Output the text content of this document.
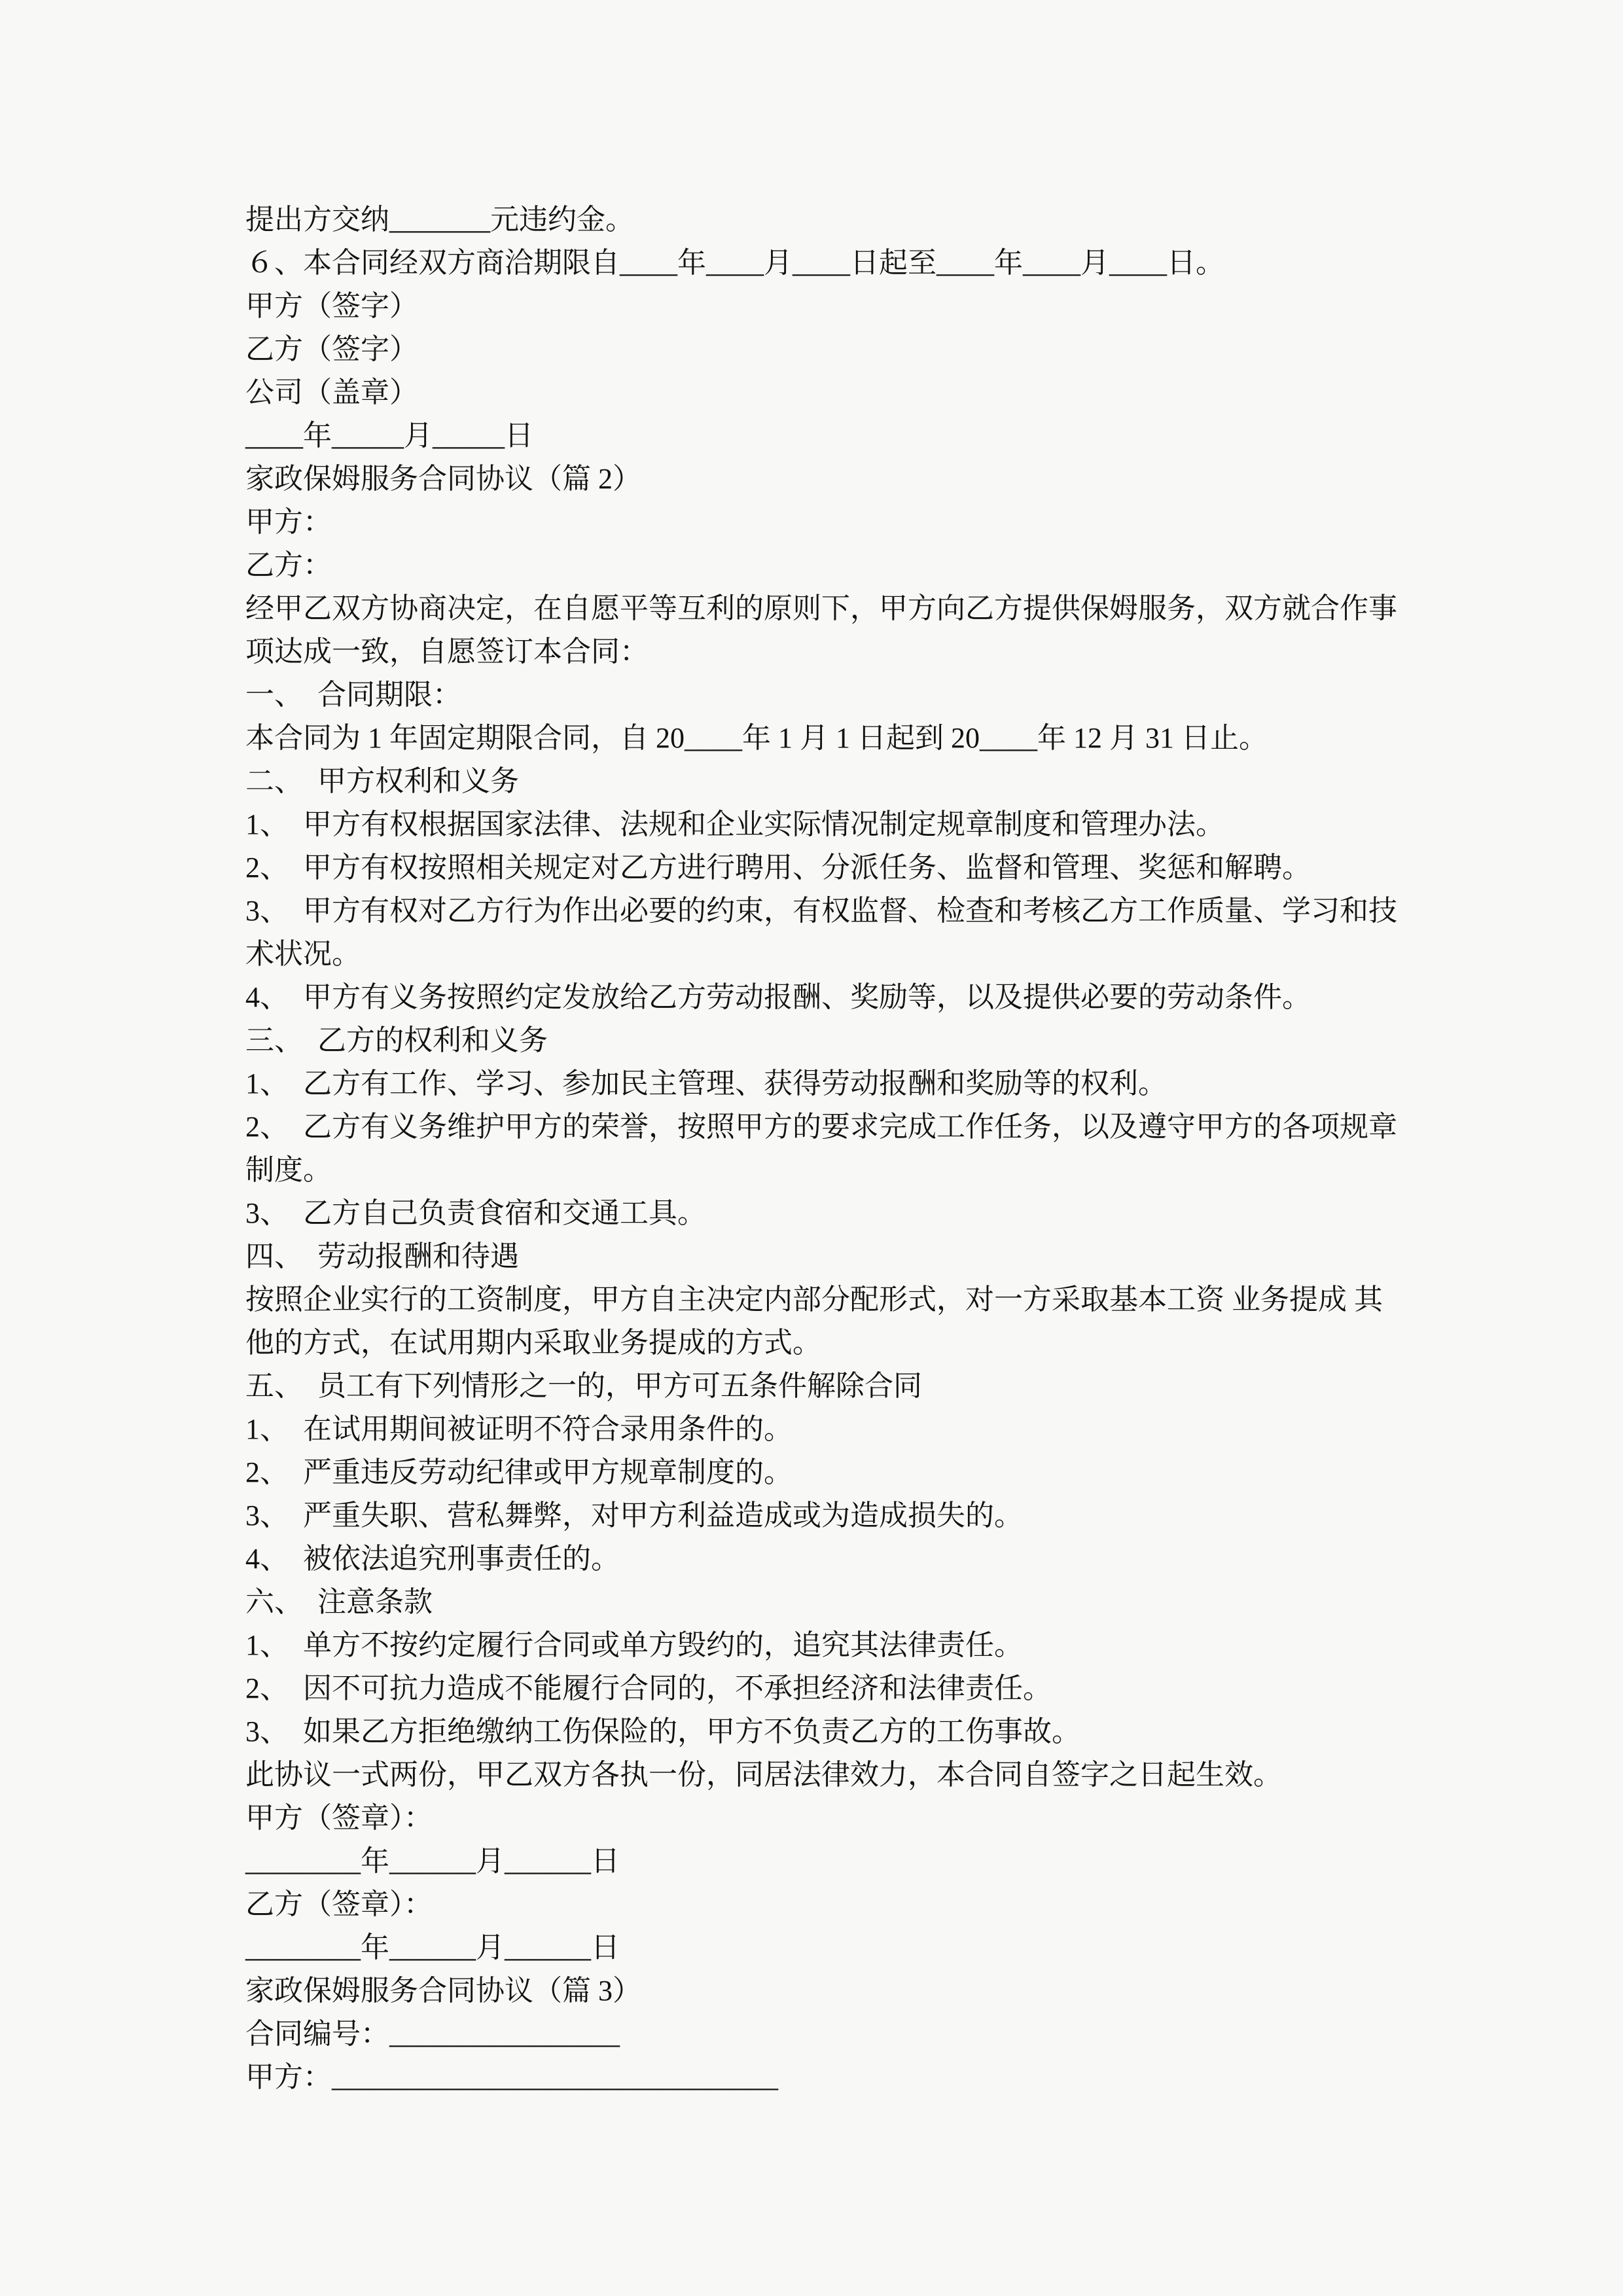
提出方交纳_______元违约金。
６、本合同经双方商洽期限自____年____月____日起至____年____月____日。
甲方（签字）
乙方（签字）
公司（盖章）
____年_____月_____日
家政保姆服务合同协议（篇 2）
甲方：
乙方：
经甲乙双方协商决定，在自愿平等互利的原则下，甲方向乙方提供保姆服务，双方就合作事
项达成一致，自愿签订本合同：
一、　合同期限：
本合同为 1 年固定期限合同，自 20____年 1 月 1 日起到 20____年 12 月 31 日止。
二、　甲方权利和义务
1、　甲方有权根据国家法律、法规和企业实际情况制定规章制度和管理办法。
2、　甲方有权按照相关规定对乙方进行聘用、分派任务、监督和管理、奖惩和解聘。
3、　甲方有权对乙方行为作出必要的约束，有权监督、检查和考核乙方工作质量、学习和技
术状况。
4、　甲方有义务按照约定发放给乙方劳动报酬、奖励等，以及提供必要的劳动条件。
三、　乙方的权利和义务
1、　乙方有工作、学习、参加民主管理、获得劳动报酬和奖励等的权利。
2、　乙方有义务维护甲方的荣誉，按照甲方的要求完成工作任务，以及遵守甲方的各项规章
制度。
3、　乙方自己负责食宿和交通工具。
四、　劳动报酬和待遇
按照企业实行的工资制度，甲方自主决定内部分配形式，对一方采取基本工资 业务提成 其
他的方式，在试用期内采取业务提成的方式。
五、　员工有下列情形之一的，甲方可五条件解除合同
1、　在试用期间被证明不符合录用条件的。
2、　严重违反劳动纪律或甲方规章制度的。
3、　严重失职、营私舞弊，对甲方利益造成或为造成损失的。
4、　被依法追究刑事责任的。
六、　注意条款
1、　单方不按约定履行合同或单方毁约的，追究其法律责任。
2、　因不可抗力造成不能履行合同的，不承担经济和法律责任。
3、　如果乙方拒绝缴纳工伤保险的，甲方不负责乙方的工伤事故。
此协议一式两份，甲乙双方各执一份，同居法律效力，本合同自签字之日起生效。
甲方（签章）：
________年______月______日
乙方（签章）：
________年______月______日
家政保姆服务合同协议（篇 3）
合同编号：________________
甲方：_______________________________
